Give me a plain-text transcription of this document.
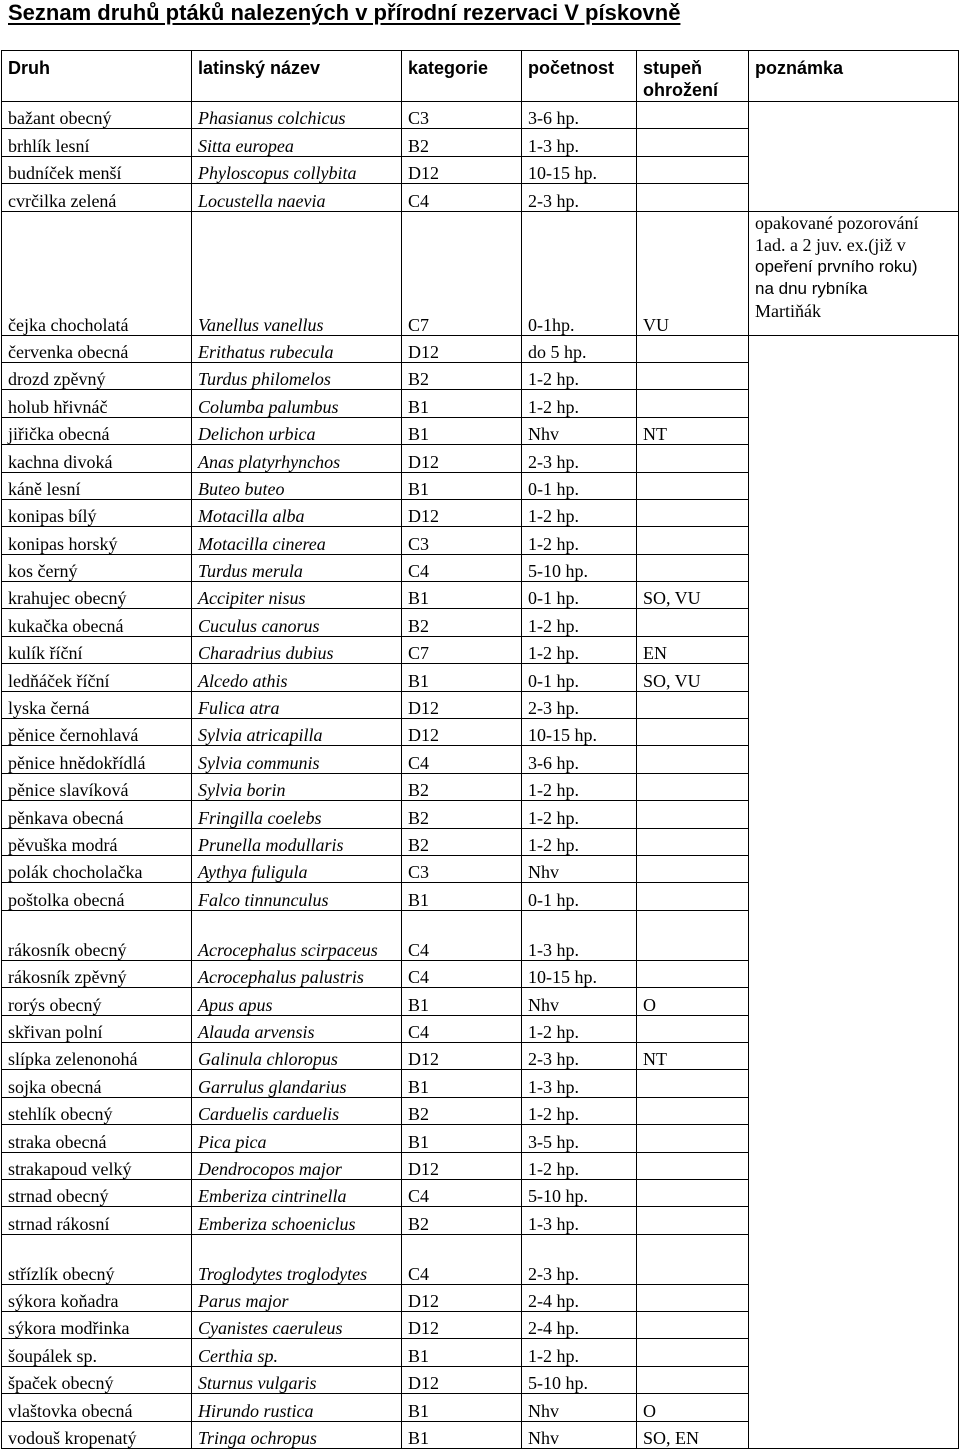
Seznam druhů ptáků nalezených v přírodní rezervaci V pískovně
Druh	latinský název	kategorie	početnost	stupeň ohrožení	poznámka
bažant obecný	Phasianus colchicus	C3	3-6 hp.		
brhlík lesní	Sitta europea	B2	1-3 hp.		
budníček menší	Phyloscopus collybita	D12	10-15 hp.		
cvrčilka zelená	Locustella naevia	C4	2-3 hp.		
čejka chocholatá	Vanellus vanellus	C7	0-1hp.	VU	opakované pozorování
1ad. a 2 juv. ex.(již v
opeření prvního roku)
na dnu rybníka
Martiňák

červenka obecná	Erithatus rubecula	D12	do 5 hp.		
drozd zpěvný	Turdus philomelos	B2	1-2 hp.		
holub hřivnáč	Columba palumbus	B1	1-2 hp.		
jiřička obecná	Delichon urbica	B1	Nhv	NT	
kachna divoká	Anas platyrhynchos	D12	2-3 hp.		
káně lesní	Buteo buteo	B1	0-1 hp.		
konipas bílý	Motacilla alba	D12	1-2 hp.		
konipas horský	Motacilla cinerea	C3	1-2 hp.		
kos černý	Turdus merula	C4	5-10 hp.		
krahujec obecný	Accipiter nisus	B1	0-1 hp.	SO, VU	
kukačka obecná	Cuculus canorus	B2	1-2 hp.		
kulík říční	Charadrius dubius	C7	1-2 hp.	EN	
ledňáček říční	Alcedo athis	B1	0-1 hp.	SO, VU	
lyska černá	Fulica atra	D12	2-3 hp.		
pěnice černohlavá	Sylvia atricapilla	D12	10-15 hp.		
pěnice hnědokřídlá	Sylvia communis	C4	3-6 hp.		
pěnice slavíková	Sylvia borin	B2	1-2 hp.		
pěnkava obecná	Fringilla coelebs	B2	1-2 hp.		
pěvuška modrá	Prunella modullaris	B2	1-2 hp.		
polák chocholačka	Aythya fuligula	C3	Nhv		
poštolka obecná	Falco tinnunculus	B1	0-1 hp.		
rákosník obecný	Acrocephalus scirpaceus	C4	1-3 hp.		
rákosník zpěvný	Acrocephalus palustris	C4	10-15 hp.		
rorýs obecný	Apus apus	B1	Nhv	O	
skřivan polní	Alauda arvensis	C4	1-2 hp.		
slípka zelenonohá	Galinula chloropus	D12	2-3 hp.	NT	
sojka obecná	Garrulus glandarius	B1	1-3 hp.		
stehlík obecný	Carduelis carduelis	B2	1-2 hp.		
straka obecná	Pica pica	B1	3-5 hp.		
strakapoud velký	Dendrocopos major	D12	1-2 hp.		
strnad obecný	Emberiza cintrinella	C4	5-10 hp.		
strnad rákosní	Emberiza schoeniclus	B2	1-3 hp.		
střízlík obecný	Troglodytes troglodytes	C4	2-3 hp.		
sýkora koňadra	Parus major	D12	2-4 hp.		
sýkora modřinka	Cyanistes caeruleus	D12	2-4 hp.		
šoupálek sp.	Certhia sp.	B1	1-2 hp.		
špaček obecný	Sturnus vulgaris	D12	5-10 hp.		
vlaštovka obecná	Hirundo rustica	B1	Nhv	O	
vodouš kropenatý	Tringa ochropus	B1	Nhv	SO, EN	
